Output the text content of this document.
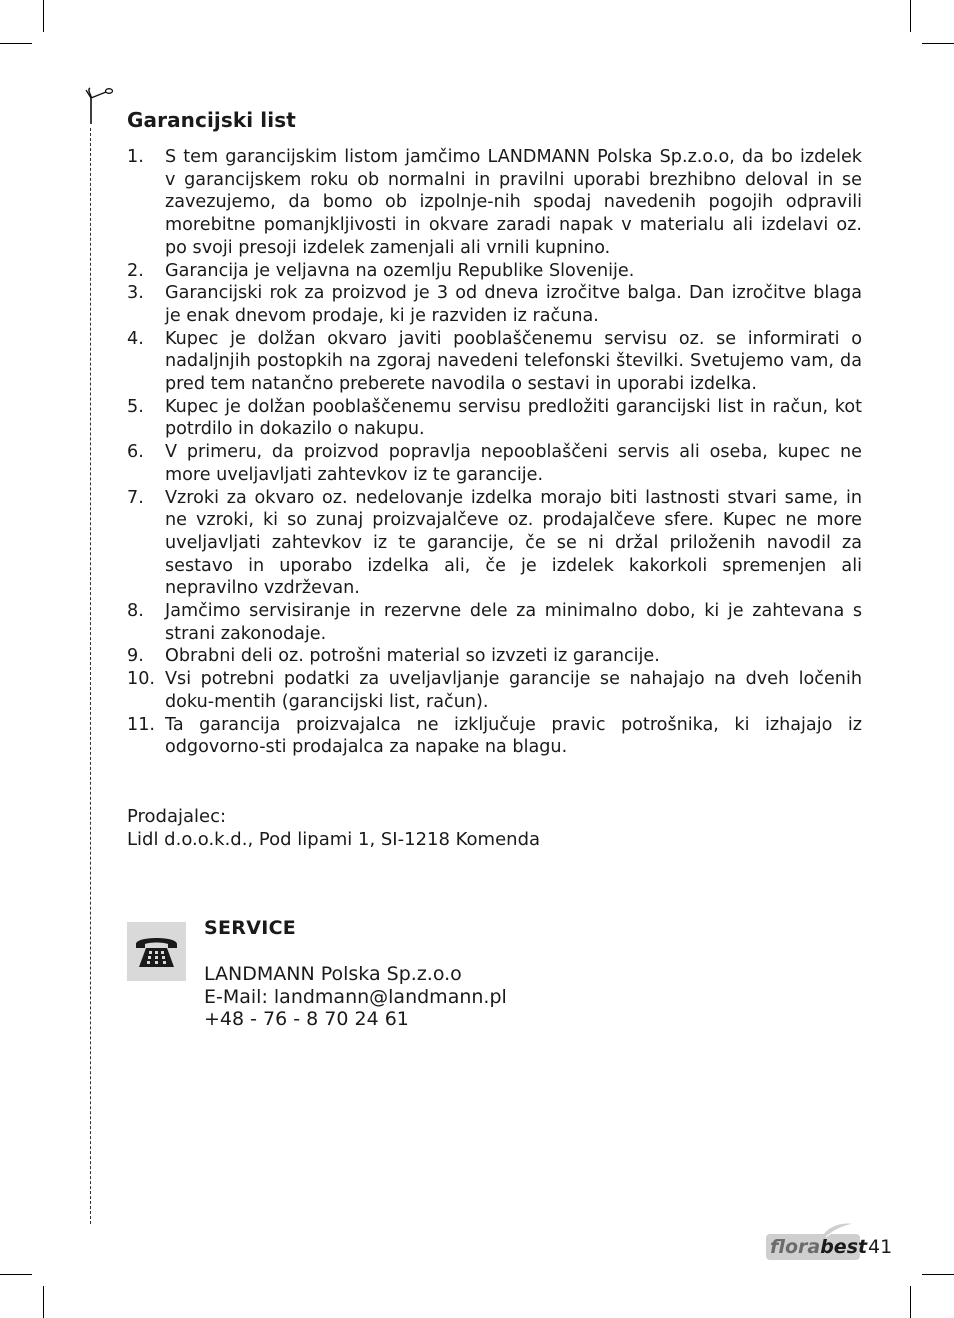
Garancijski list
1. S tem garancijskim listom jamčimo LANDMANN Polska Sp.z.o.o, da bo izdelek v garancijskem roku ob normalni in pravilni uporabi brezhibno deloval in se zavezujemo, da bomo ob izpolnje-nih spodaj navedenih pogojih odpravili morebitne pomanjkljivosti in okvare zaradi napak v materialu ali izdelavi oz. po svoji presoji izdelek zamenjali ali vrnili kupnino.
2. Garancija je veljavna na ozemlju Republike Slovenije.
3. Garancijski rok za proizvod je 3 od dneva izročitve balga. Dan izročitve blaga je enak dnevom prodaje, ki je razviden iz računa.
4. Kupec je dolžan okvaro javiti pooblaščenemu servisu oz. se informirati o nadaljnjih postopkih na zgoraj navedeni telefonski številki. Svetujemo vam, da pred tem natančno preberete navodila o sestavi in uporabi izdelka.
5. Kupec je dolžan pooblaščenemu servisu predložiti garancijski list in račun, kot potrdilo in dokazilo o nakupu.
6. V primeru, da proizvod popravlja nepooblaščeni servis ali oseba, kupec ne more uveljavljati zahtevkov iz te garancije.
7. Vzroki za okvaro oz. nedelovanje izdelka morajo biti lastnosti stvari same, in ne vzroki, ki so zunaj proizvajalčeve oz. prodajalčeve sfere. Kupec ne more uveljavljati zahtevkov iz te garancije, če se ni držal priloženih navodil za sestavo in uporabo izdelka ali, če je izdelek kakorkoli spremenjen ali nepravilno vzdrževan.
8. Jamčimo servisiranje in rezervne dele za minimalno dobo, ki je zahtevana s strani zakonodaje.
9. Obrabni deli oz. potrošni material so izvzeti iz garancije.
10. Vsi potrebni podatki za uveljavljanje garancije se nahajajo na dveh ločenih doku-mentih (garancijski list, račun).
11. Ta garancija proizvajalca ne izključuje pravic potrošnika, ki izhajajo iz odgovorno-sti prodajalca za napake na blagu.
Prodajalec:
Lidl d.o.o.k.d., Pod lipami 1, SI-1218 Komenda
SERVICE
LANDMANN Polska Sp.z.o.o
E-Mail: landmann@landmann.pl
+48 - 76 - 8 70 24 61
florabest 41
